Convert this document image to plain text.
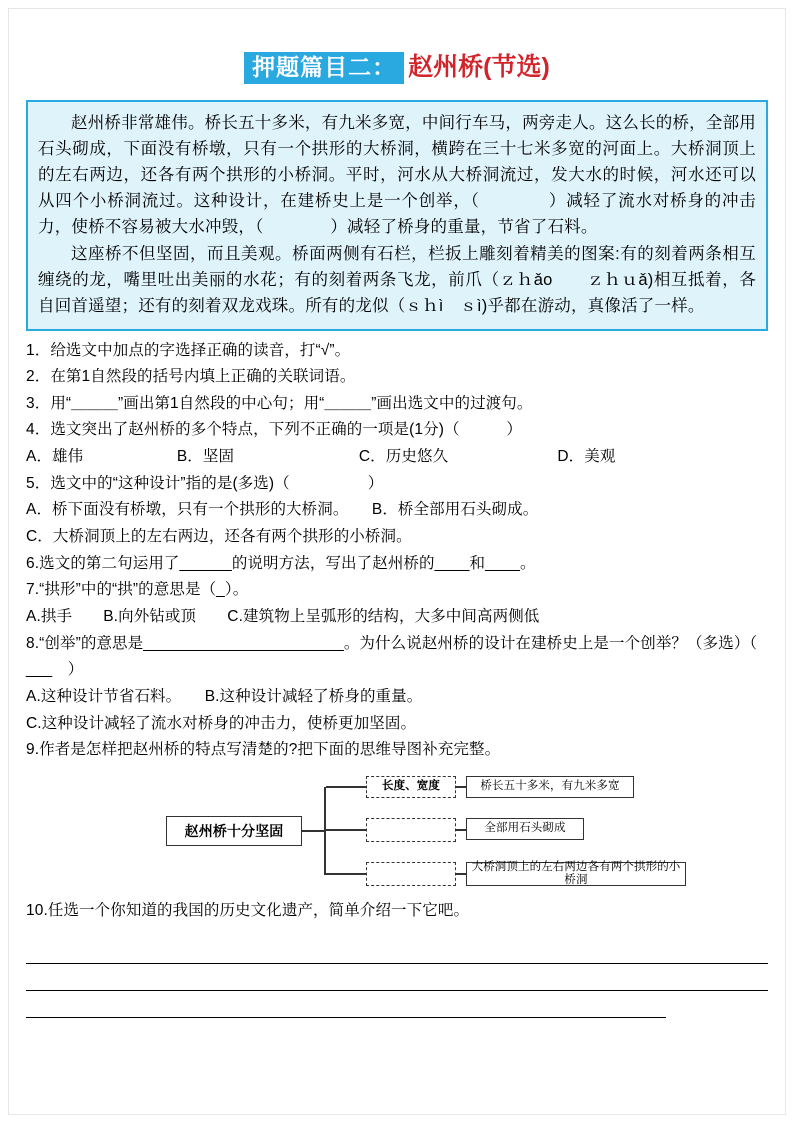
押题篇目二： 赵州桥(节选)

赵州桥非常雄伟。桥长五十多米，有九米多宽，中间行车马，两旁走人。这么长的桥，全部用石头砌成，下面没有桥墩，只有一个拱形的大桥洞，横跨在三十七米多宽的河面上。大桥洞顶上的左右两边，还各有两个拱形的小桥洞。平时，河水从大桥洞流过，发大水的时候，河水还可以从四个小桥洞流过。这种设计，在建桥史上是一个创举，（　　　　）减轻了流水对桥身的冲击力，使桥不容易被大水冲毁，（　　　　）减轻了桥身的重量，节省了石料。

这座桥不但坚固，而且美观。桥面两侧有石栏，栏扳上雕刻着精美的图案:有的刻着两条相互缠绕的龙，嘴里吐出美丽的水花；有的刻着两条飞龙，前爪（ｚｈǎo　　ｚｈｕǎ)相互抵着，各自回首遥望；还有的刻着双龙戏珠。所有的龙似（ｓｈì　ｓì)乎都在游动，真像活了一样。

1．给选文中加点的字选择正确的读音，打“√”。

2．在第1自然段的括号内填上正确的关联词语。

3．用“＿＿＿”画出第1自然段的中心句；用“＿＿＿”画出选文中的过渡句。

4．选文突出了赵州桥的多个特点，下列不正确的一项是(1分)（　　　）

A．雄伟　　　　　　B．坚固　　　　　　　　C．历史悠久　　　　　　　D．美观

5．选文中的“这种设计”指的是(多选)（　　　　　）

A．桥下面没有桥墩，只有一个拱形的大桥洞。　　B．桥全部用石头砌成。

C．大桥洞顶上的左右两边，还各有两个拱形的小桥洞。

6.选文的第二句运用了______的说明方法，写出了赵州桥的____和____。

7.“拱形”中的“拱”的意思是（_）。

A.拱手　　B.向外钻或顶　　C.建筑物上呈弧形的结构，大多中间高两侧低

8.“创举”的意思是_______________________。为什么说赵州桥的设计在建桥史上是一个创举？（多选）（　___　）

A.这种设计节省石料。　　B.这种设计减轻了桥身的重量。

C.这种设计减轻了流水对桥身的冲击力，使桥更加坚固。

9.作者是怎样把赵州桥的特点写清楚的?把下面的思维导图补充完整。

赵州桥十分坚固
长度、宽度	桥长五十多米，有九米多宽
全部用石头砌成
大桥洞顶上的左右两边各有两个拱形的小桥洞

10.任选一个你知道的我国的历史文化遗产，简单介绍一下它吧。
